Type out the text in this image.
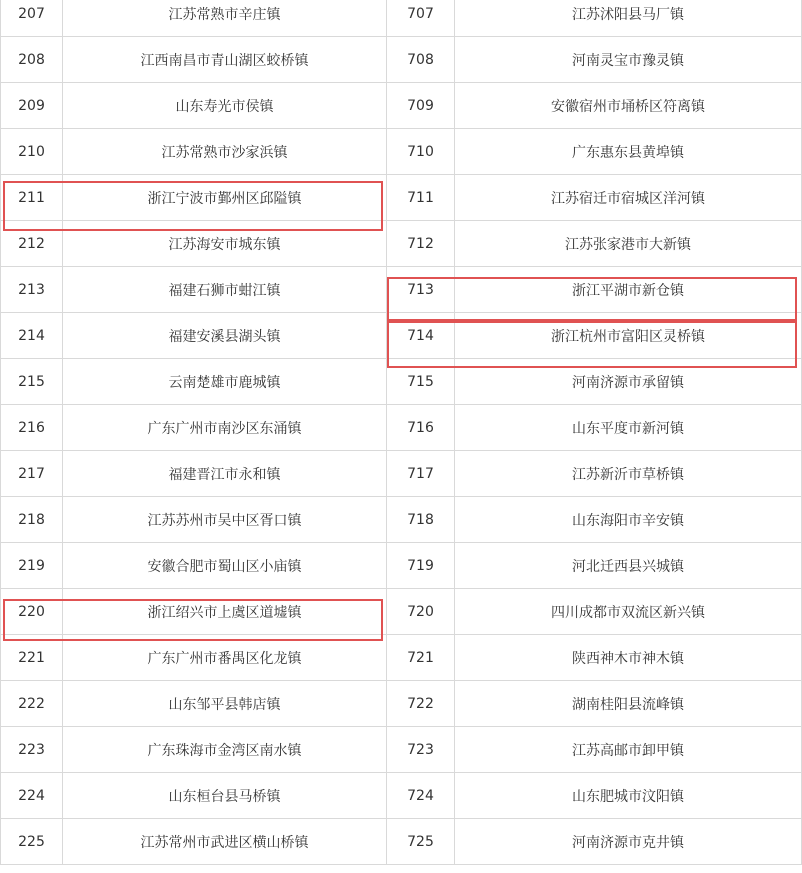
207	江苏常熟市辛庄镇	707	江苏沭阳县马厂镇
208	江西南昌市青山湖区蛟桥镇	708	河南灵宝市豫灵镇
209	山东寿光市侯镇	709	安徽宿州市埇桥区符离镇
210	江苏常熟市沙家浜镇	710	广东惠东县黄埠镇
211	浙江宁波市鄞州区邱隘镇	711	江苏宿迁市宿城区洋河镇
212	江苏海安市城东镇	712	江苏张家港市大新镇
213	福建石狮市蚶江镇	713	浙江平湖市新仓镇
214	福建安溪县湖头镇	714	浙江杭州市富阳区灵桥镇
215	云南楚雄市鹿城镇	715	河南济源市承留镇
216	广东广州市南沙区东涌镇	716	山东平度市新河镇
217	福建晋江市永和镇	717	江苏新沂市草桥镇
218	江苏苏州市吴中区胥口镇	718	山东海阳市辛安镇
219	安徽合肥市蜀山区小庙镇	719	河北迁西县兴城镇
220	浙江绍兴市上虞区道墟镇	720	四川成都市双流区新兴镇
221	广东广州市番禺区化龙镇	721	陕西神木市神木镇
222	山东邹平县韩店镇	722	湖南桂阳县流峰镇
223	广东珠海市金湾区南水镇	723	江苏高邮市卸甲镇
224	山东桓台县马桥镇	724	山东肥城市汶阳镇
225	江苏常州市武进区横山桥镇	725	河南济源市克井镇
